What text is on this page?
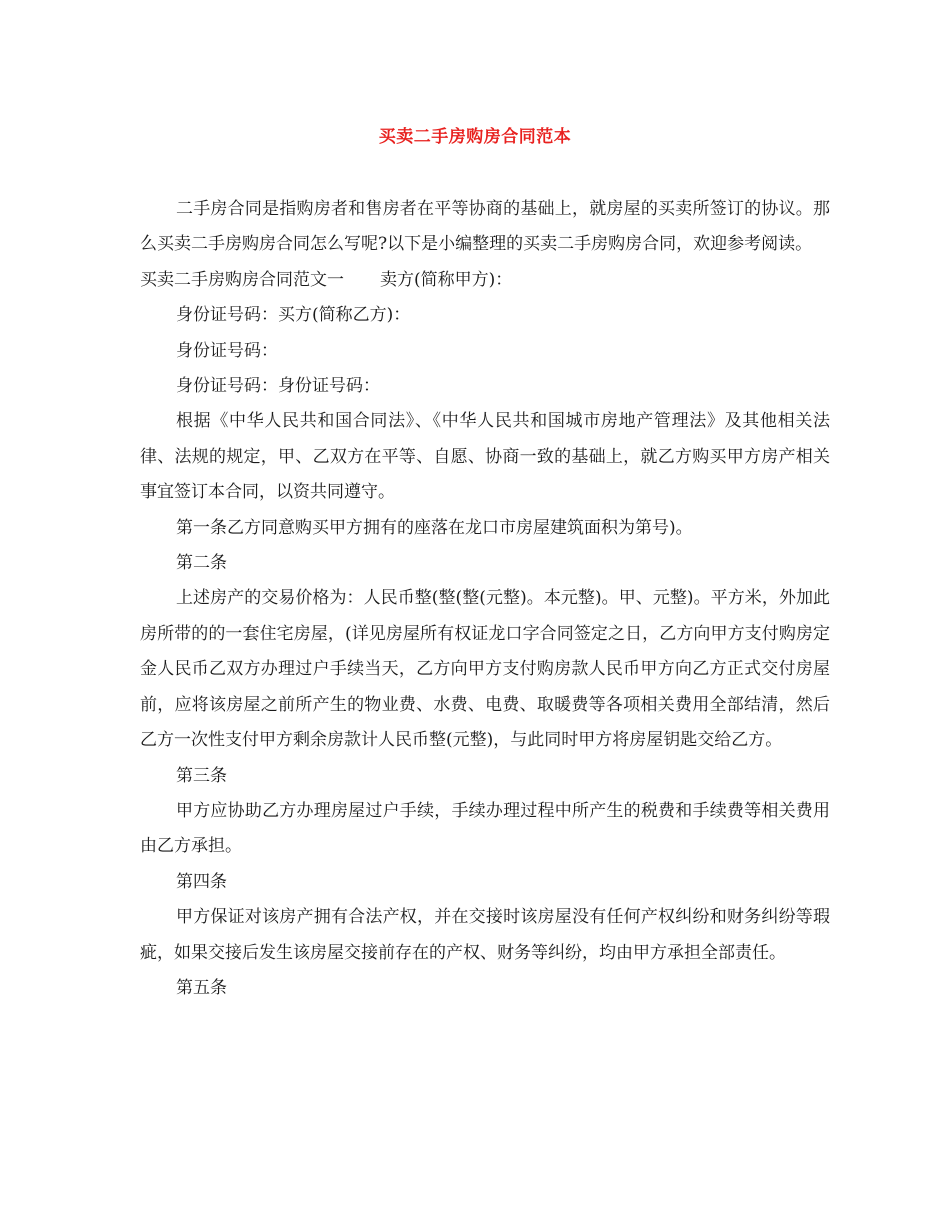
买卖二手房购房合同范本

二手房合同是指购房者和售房者在平等协商的基础上，就房屋的买卖所签订的协议。那么买卖二手房购房合同怎么写呢?以下是小编整理的买卖二手房购房合同，欢迎参考阅读。

买卖二手房购房合同范文一 卖方(简称甲方)：

身份证号码：买方(简称乙方)：

身份证号码：

身份证号码：身份证号码：

根据《中华人民共和国合同法》、《中华人民共和国城市房地产管理法》及其他相关法律、法规的规定，甲、乙双方在平等、自愿、协商一致的基础上，就乙方购买甲方房产相关事宜签订本合同，以资共同遵守。

第一条乙方同意购买甲方拥有的座落在龙口市房屋建筑面积为第号)。

第二条

上述房产的交易价格为：人民币整(整(整(元整)。本元整)。甲、元整)。平方米，外加此房所带的的一套住宅房屋，(详见房屋所有权证龙口字合同签定之日，乙方向甲方支付购房定金人民币乙双方办理过户手续当天，乙方向甲方支付购房款人民币甲方向乙方正式交付房屋前，应将该房屋之前所产生的物业费、水费、电费、取暖费等各项相关费用全部结清，然后乙方一次性支付甲方剩余房款计人民币整(元整)，与此同时甲方将房屋钥匙交给乙方。

第三条

甲方应协助乙方办理房屋过户手续，手续办理过程中所产生的税费和手续费等相关费用由乙方承担。

第四条

甲方保证对该房产拥有合法产权，并在交接时该房屋没有任何产权纠纷和财务纠纷等瑕疵，如果交接后发生该房屋交接前存在的产权、财务等纠纷，均由甲方承担全部责任。

第五条
